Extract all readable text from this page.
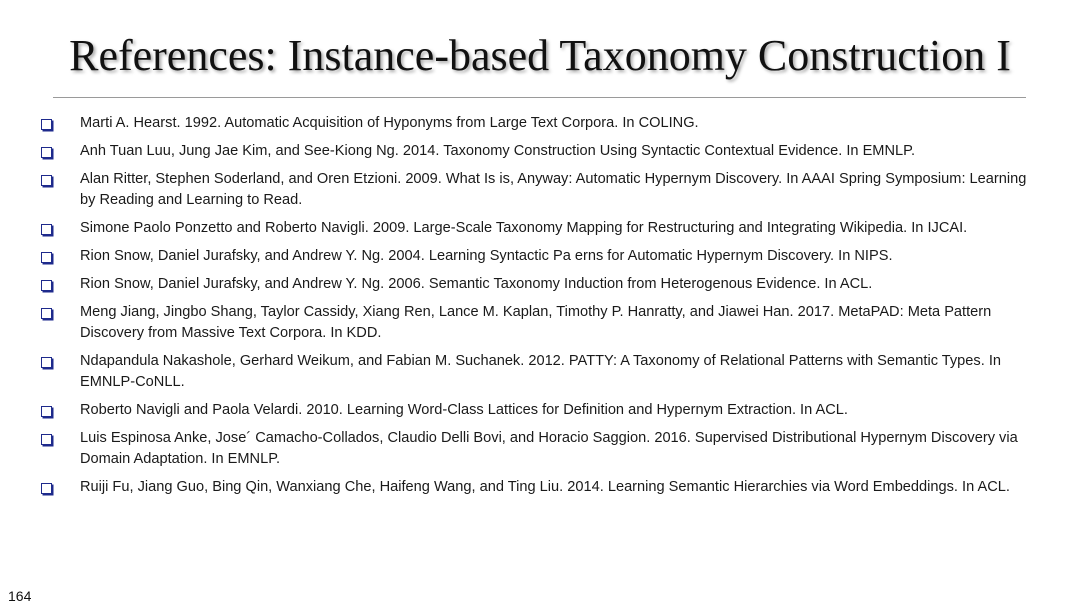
References: Instance-based Taxonomy Construction I
Marti A. Hearst. 1992. Automatic Acquisition of Hyponyms from Large Text Corpora. In COLING.
Anh Tuan Luu, Jung Jae Kim, and See-Kiong Ng. 2014. Taxonomy Construction Using Syntactic Contextual Evidence. In EMNLP.
Alan Ritter, Stephen Soderland, and Oren Etzioni. 2009. What Is is, Anyway: Automatic Hypernym Discovery. In AAAI Spring Symposium: Learning by Reading and Learning to Read.
Simone Paolo Ponzetto and Roberto Navigli. 2009. Large-Scale Taxonomy Mapping for Restructuring and Integrating Wikipedia. In IJCAI.
Rion Snow, Daniel Jurafsky, and Andrew Y. Ng. 2004. Learning Syntactic Pa erns for Automatic Hypernym Discovery. In NIPS.
Rion Snow, Daniel Jurafsky, and Andrew Y. Ng. 2006. Semantic Taxonomy Induction from Heterogenous Evidence. In ACL.
Meng Jiang, Jingbo Shang, Taylor Cassidy, Xiang Ren, Lance M. Kaplan, Timothy P. Hanratty, and Jiawei Han. 2017. MetaPAD: Meta Pattern Discovery from Massive Text Corpora. In KDD.
Ndapandula Nakashole, Gerhard Weikum, and Fabian M. Suchanek. 2012. PATTY: A Taxonomy of Relational Patterns with Semantic Types. In EMNLP-CoNLL.
Roberto Navigli and Paola Velardi. 2010. Learning Word-Class Lattices for Definition and Hypernym Extraction. In ACL.
Luis Espinosa Anke, Jose´ Camacho-Collados, Claudio Delli Bovi, and Horacio Saggion. 2016. Supervised Distributional Hypernym Discovery via Domain Adaptation. In EMNLP.
Ruiji Fu, Jiang Guo, Bing Qin, Wanxiang Che, Haifeng Wang, and Ting Liu. 2014. Learning Semantic Hierarchies via Word Embeddings. In ACL.
164
